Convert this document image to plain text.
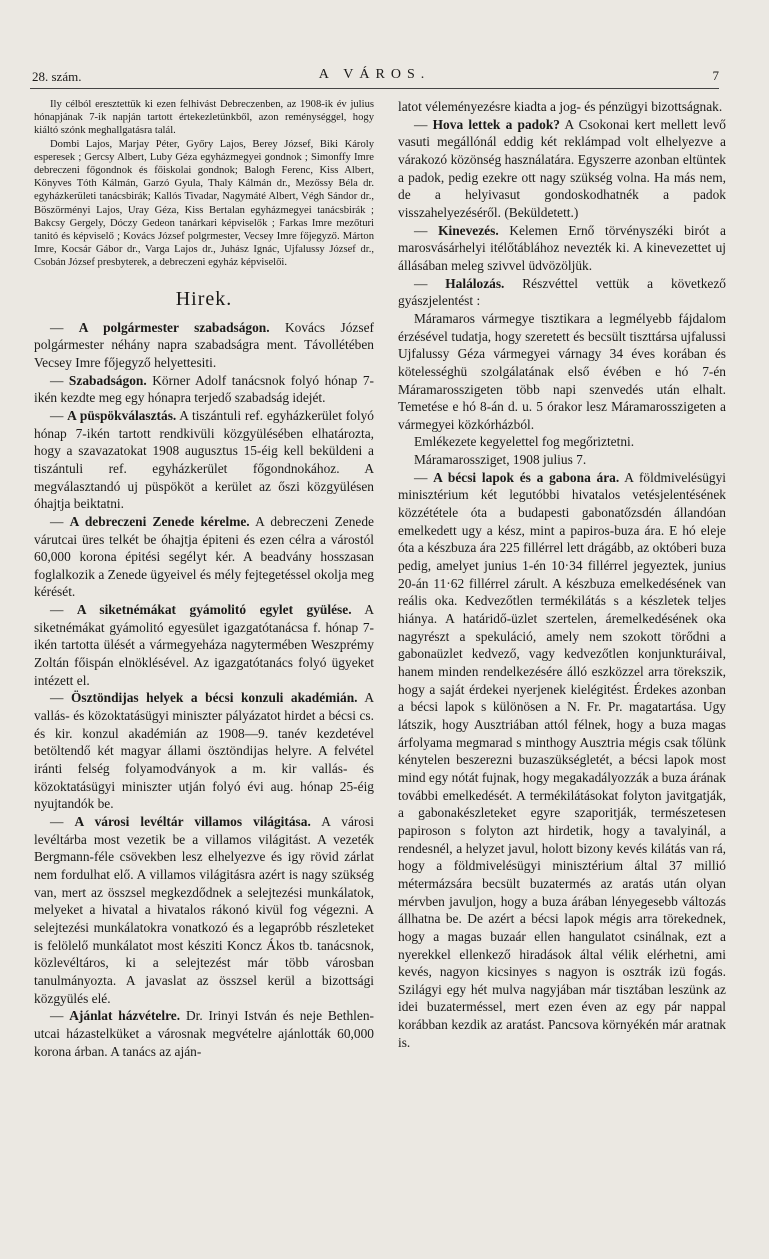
28. szám.	A VÁROS.	7

Ily célból eresztettük ki ezen felhivást Debreczenben, az 1908-ik év julius hónapjának 7-ik napján tartott értekezletünkből, azon reménységgel, hogy kiáltó szónk meghallgatásra talál.

Dombi Lajos, Marjay Péter, Győry Lajos, Berey József, Biki Károly esperesek ; Gercsy Albert, Luby Géza egyházmegyei gondnok ; Simonffy Imre debreczeni főgondnok és főiskolai gondnok; Balogh Ferenc, Kiss Albert, Könyves Tóth Kálmán, Garzó Gyula, Thaly Kálmán dr., Mezőssy Béla dr. egyházkerületi tanácsbirák; Kallós Tivadar, Nagymáté Albert, Végh Sándor dr., Böszörményi Lajos, Uray Géza, Kiss Bertalan egyházmegyei tanácsbirák ; Bakcsy Gergely, Dóczy Gedeon tanárkari képviselők ; Farkas Imre mezőturi tanitó és képviselő ; Kovács József polgrmester, Vecsey Imre főjegyző. Márton Imre, Kocsár Gábor dr., Varga Lajos dr., Juhász Ignác, Ujfalussy József dr., Csobán József presbyterek, a debreczeni egyház képviselői.

Hirek.

— A polgármester szabadságon. Kovács József polgármester néhány napra szabadságra ment. Távollétében Vecsey Imre főjegyző helyettesiti.

— Szabadságon. Körner Adolf tanácsnok folyó hónap 7-ikén kezdte meg egy hónapra terjedő szabadság idejét.

— A püspökválasztás. A tiszántuli ref. egyházkerület folyó hónap 7-ikén tartott rendkivüli közgyülésében elhatározta, hogy a szavazatokat 1908 augusztus 15-éig kell beküldeni a tiszántuli ref. egyházkerület főgondnokához. A megválasztandó uj püspököt a kerület az őszi közgyülésen óhajtja beiktatni.

— A debreczeni Zenede kérelme. A debreczeni Zenede várutcai üres telkét be óhajtja épiteni és ezen célra a várostól 60,000 korona épitési segélyt kér. A beadvány hosszasan foglalkozik a Zenede ügyeivel és mély fejtegetéssel okolja meg kérését.

— A siketnémákat gyámolitó egylet gyülése. A siketnémákat gyámolitó egyesület igazgatótanácsa f. hónap 7-ikén tartotta ülését a vármegyeháza nagytermében Weszprémy Zoltán főispán elnöklésével. Az igazgatótanács folyó ügyeket intézett el.

— Ösztöndijas helyek a bécsi konzuli akadémián. A vallás- és közoktatásügyi miniszter pályázatot hirdet a bécsi cs. és kir. konzul akadémián az 1908—9. tanév kezdetével betöltendő két magyar állami ösztöndijas helyre. A felvétel iránti felség folyamodványok a m. kir vallás- és közoktatásügyi miniszter utján folyó évi aug. hónap 25-éig nyujtandók be.

— A városi levéltár villamos világitása. A városi levéltárba most vezetik be a villamos világitást. A vezeték Bergmann-féle csövekben lesz elhelyezve és igy rövid zárlat nem fordulhat elő. A villamos világitásra azért is nagy szükség van, mert az összsel megkezdődnek a selejtezési munkálatok, melyeket a hivatal a hivatalos rákonó kivül fog végezni. A selejtezési munkálatokra vonatkozó és a legapróbb részleteket is felölelő munkálatot most késziti Koncz Ákos tb. tanácsnok, közlevéltáros, ki a selejtezést már több városban tanulmányozta. A javaslat az összsel kerül a bizottsági közgyülés elé.

— Ajánlat házvételre. Dr. Irinyi István és neje Bethlen-utcai házastelküket a városnak megvételre ajánlották 60,000 korona árban. A tanács az aján-

latot véleményezésre kiadta a jog- és pénzügyi bizottságnak.

— Hova lettek a padok? A Csokonai kert mellett levő vasuti megállónál eddig két reklámpad volt elhelyezve a várakozó közönség használatára. Egyszerre azonban eltüntek a padok, pedig ezekre ott nagy szükség volna. Ha más nem, de a helyivasut gondoskodhatnék a padok visszahelyezéséről. (Beküldetett.)

— Kinevezés. Kelemen Ernő törvényszéki birót a marosvásárhelyi itélőtáblához nevezték ki. A kinevezettet uj állásában meleg szivvel üdvözöljük.

— Halálozás. Részvéttel vettük a következő gyászjelentést :

Máramaros vármegye tisztikara a legmélyebb fájdalom érzésével tudatja, hogy szeretett és becsült tiszttársa ujfalussi Ujfalussy Géza vármegyei várnagy 34 éves korában és kötelességhü szolgálatának első évében e hó 7-én Máramarosszigeten több napi szenvedés után elhalt. Temetése e hó 8-án d. u. 5 órakor lesz Máramarosszigeten a vármegyei közkórházból.

Emlékezete kegyelettel fog megőriztetni.

Máramarossziget, 1908 julius 7.

— A bécsi lapok és a gabona ára. A földmivelésügyi minisztérium két legutóbbi hivatalos vetésjelentésének közzététele óta a budapesti gabonatőzsdén állandóan emelkedett ugy a kész, mint a papiros-buza ára. E hó eleje óta a készbuza ára 225 fillérrel lett drágább, az októberi buza pedig, amelyet junius 1-én 10·34 fillérrel jegyeztek, junius 20-án 11·62 fillérrel zárult. A készbuza emelkedésének van reális oka. Kedvezőtlen termékilátás s a készletek teljes hiánya. A határidő-üzlet szertelen, áremelkedésének oka nagyrészt a spekuláció, amely nem szokott törődni a gabonaüzlet kedvező, vagy kedvezőtlen konjunkturáival, hanem minden rendelkezésére álló eszközzel arra törekszik, hogy a saját érdekei nyerjenek kielégitést. Érdekes azonban a bécsi lapok s különösen a N. Fr. Pr. magatartása. Ugy látszik, hogy Ausztriában attól félnek, hogy a buza magas árfolyama megmarad s minthogy Ausztria mégis csak tőlünk kénytelen beszerezni buzaszükségletét, a bécsi lapok most mind egy nótát fujnak, hogy megakadályozzák a buza árának további emelkedését. A termékilátásokat folyton javitgatják, a gabonakészleteket egyre szaporitják, természetesen papiroson s folyton azt hirdetik, hogy a tavalyinál, a rendesnél, a helyzet javul, holott bizony kevés kilátás van rá, hogy a földmivelésügyi minisztérium által 37 millió métermázsára becsült buzatermés az aratás után olyan mérvben javuljon, hogy a buza árában lényegesebb változás állhatna be. De azért a bécsi lapok mégis arra törekednek, hogy a magas buzaár ellen hangulatot csinálnak, ezt a nyerekkel ellenkező hiradások által vélik elérhetni, ami kevés, nagyon kicsinyes s nagyon is osztrák izü fogás. Szilágyi egy hét mulva nagyjában már tisztában leszünk az idei buzaterméssel, mert ezen éven az egy pár nappal korábban kezdik az aratást. Pancsova környékén már aratnak is.
